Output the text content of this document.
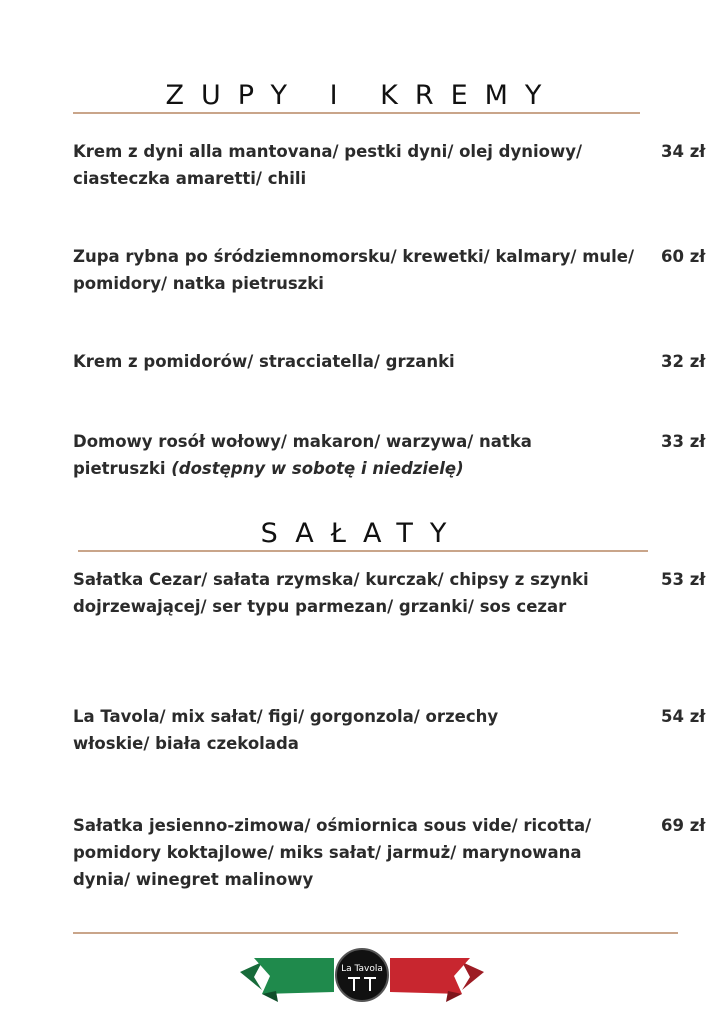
ZUPY I KREMY
Krem z dyni alla mantovana/ pestki dyni/ olej dyniowy/ ciasteczka amaretti/ chili
34 zł
Zupa rybna po śródziemnomorsku/ krewetki/ kalmary/ mule/ pomidory/ natka pietruszki
60 zł
Krem z pomidorów/ stracciatella/ grzanki	32 zł
Domowy rosół wołowy/ makaron/ warzywa/ natka pietruszki (dostępny w sobotę i niedzielę)
33 zł
SAŁATY
Sałatka Cezar/ sałata rzymska/ kurczak/ chipsy z szynki dojrzewającej/ ser typu parmezan/ grzanki/ sos cezar
53 zł
La Tavola/ mix sałat/ figi/ gorgonzola/ orzechy włoskie/ biała czekolada
54 zł
Sałatka jesienno-zimowa/ ośmiornica sous vide/ ricotta/ pomidory koktajlowe/ miks sałat/ jarmuż/ marynowana dynia/ winegret malinowy
69 zł
La Tavola
